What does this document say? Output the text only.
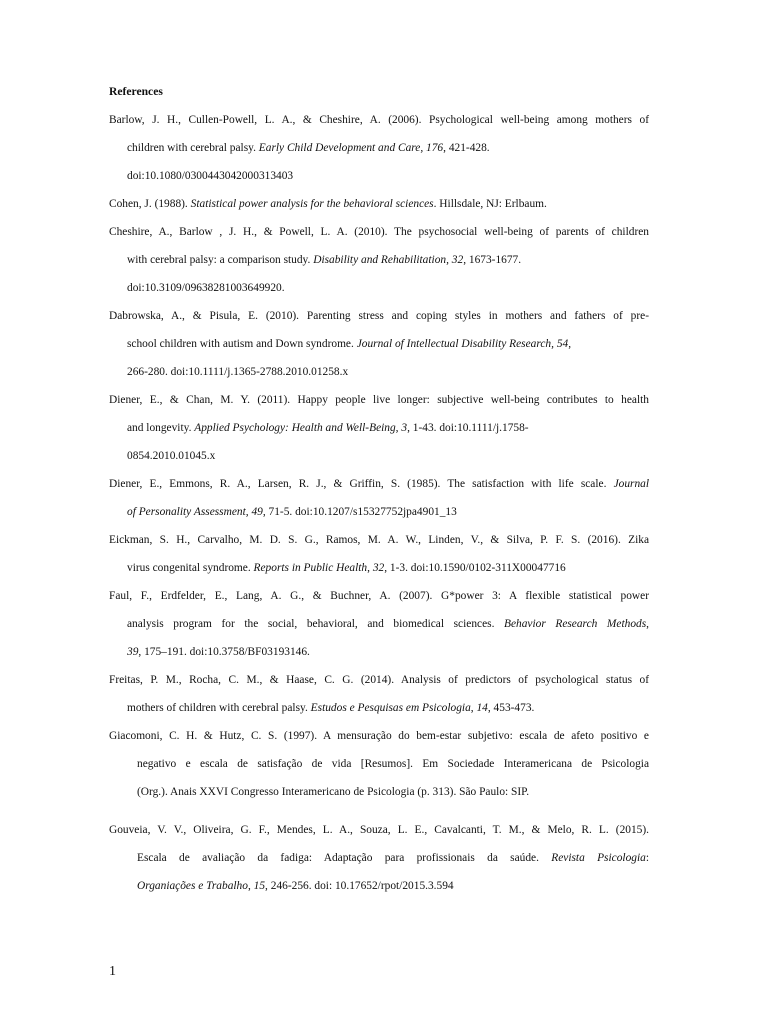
References
Barlow, J. H., Cullen-Powell, L. A., & Cheshire, A. (2006). Psychological well-being among mothers of
children with cerebral palsy. Early Child Development and Care, 176, 421-428.
doi:10.1080/0300443042000313403
Cohen, J. (1988). Statistical power analysis for the behavioral sciences. Hillsdale, NJ: Erlbaum.
Cheshire, A., Barlow , J. H., & Powell, L. A. (2010). The psychosocial well-being of parents of children
with cerebral palsy: a comparison study. Disability and Rehabilitation, 32, 1673-1677.
doi:10.3109/09638281003649920.
Dabrowska, A., & Pisula, E. (2010). Parenting stress and coping styles in mothers and fathers of pre-
school children with autism and Down syndrome. Journal of Intellectual Disability Research, 54,
266-280. doi:10.1111/j.1365-2788.2010.01258.x
Diener, E., & Chan, M. Y. (2011). Happy people live longer: subjective well-being contributes to health
and longevity. Applied Psychology: Health and Well-Being, 3, 1-43. doi:10.1111/j.1758-
0854.2010.01045.x
Diener, E., Emmons, R. A., Larsen, R. J., & Griffin, S. (1985). The satisfaction with life scale. Journal
of Personality Assessment, 49, 71-5. doi:10.1207/s15327752jpa4901_13
Eickman, S. H., Carvalho, M. D. S. G., Ramos, M. A. W., Linden, V., & Silva, P. F. S. (2016). Zika
virus congenital syndrome. Reports in Public Health, 32, 1-3. doi:10.1590/0102-311X00047716
Faul, F., Erdfelder, E., Lang, A. G., & Buchner, A. (2007). G*power 3: A flexible statistical power
analysis program for the social, behavioral, and biomedical sciences. Behavior Research Methods,
39, 175–191. doi:10.3758/BF03193146.
Freitas, P. M., Rocha, C. M., & Haase, C. G. (2014). Analysis of predictors of psychological status of
mothers of children with cerebral palsy. Estudos e Pesquisas em Psicologia, 14, 453-473.
Giacomoni, C. H. & Hutz, C. S. (1997). A mensuração do bem-estar subjetivo: escala de afeto positivo e
negativo e escala de satisfação de vida [Resumos]. Em Sociedade Interamericana de Psicologia
(Org.). Anais XXVI Congresso Interamericano de Psicologia (p. 313). São Paulo: SIP.
Gouveia, V. V., Oliveira, G. F., Mendes, L. A., Souza, L. E., Cavalcanti, T. M., & Melo, R. L. (2015).
Escala de avaliação da fadiga: Adaptação para profissionais da saúde. Revista Psicologia:
Organiações e Trabalho, 15, 246-256. doi: 10.17652/rpot/2015.3.594
1
